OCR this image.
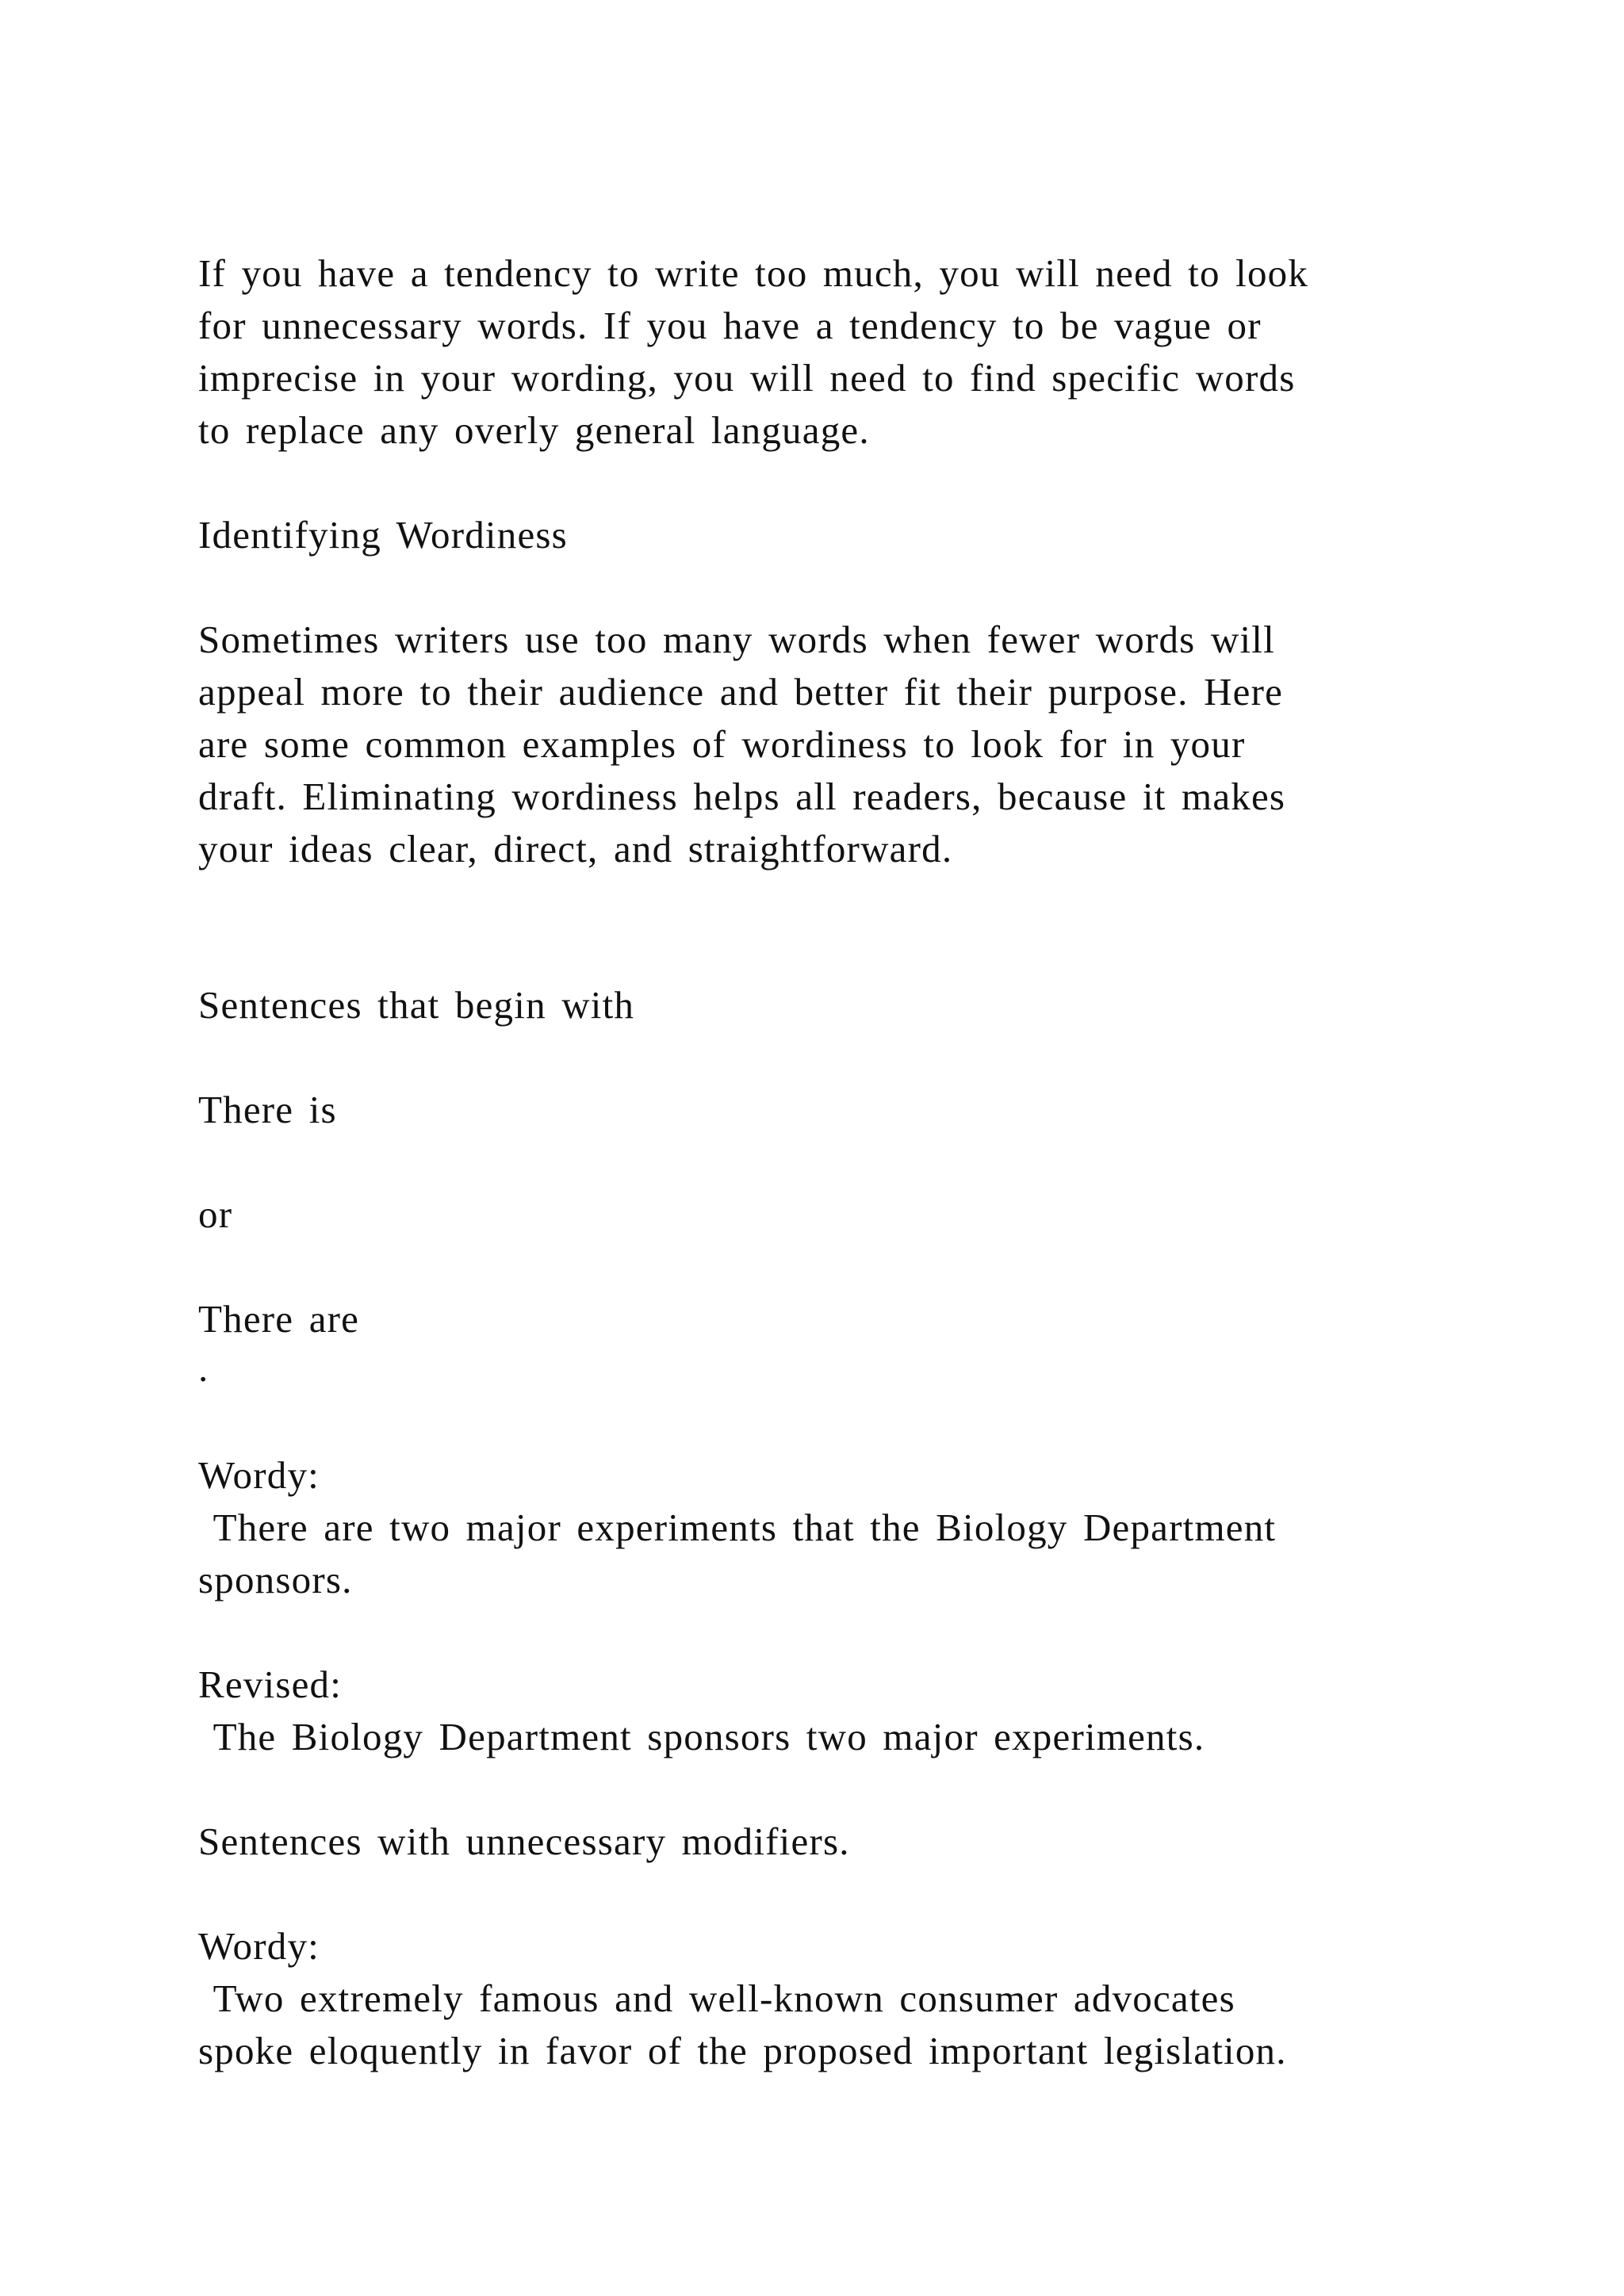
If you have a tendency to write too much, you will need to look

for unnecessary words. If you have a tendency to be vague or

imprecise in your wording, you will need to find specific words

to replace any overly general language.

Identifying Wordiness

Sometimes writers use too many words when fewer words will

appeal more to their audience and better fit their purpose. Here

are some common examples of wordiness to look for in your

draft. Eliminating wordiness helps all readers, because it makes

your ideas clear, direct, and straightforward.

Sentences that begin with

There is

or

There are

.

Wordy:

There are two major experiments that the Biology Department

sponsors.

Revised:

The Biology Department sponsors two major experiments.

Sentences with unnecessary modifiers.

Wordy:

Two extremely famous and well-known consumer advocates

spoke eloquently in favor of the proposed important legislation.
